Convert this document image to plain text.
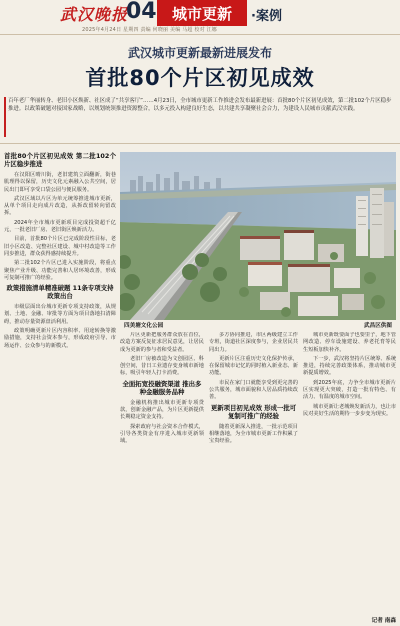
武汉晚报
04	城市更新	·案例
2025年4月24日 星期四 责编 何晓丽 美编 马超 校对 江娜
武汉城市更新最新进展发布
首批80个片区初见成效
百年老厂华丽转身、老旧小区焕新、社区成了“共享客厅”……4月23日，全市城市更新工作推进会发布最新进展：首批80个片区初见成效，第二批102个片区稳步推进。以政策破题对接国家战略，以规划统领推进资源整合，以多元投入构建良好生态，以共建共享凝聚社会合力，为建设人民城市贡献武汉实践。
首批80个片区初见成效 第二批102个片区稳步推进

在汉阳区晴川街，老旧建筑立面翻新，街巷肌理得以保留，历史文化元素融入公共空间，居民出门即可享受口袋公园与便民服务。

武汉区域以片区为单元统筹推进城市更新，从单个项目走向成片改造，从拆改留转向留改拆。

2024年全市城市更新项目完成投资超千亿元，一批老旧厂房、老旧街区焕新活力。

目前，首批80个片区已完成阶段性目标，老旧小区改造、完整社区建设、城中村改造等工作同步推进，群众获得感持续提升。

第二批102个片区已进入实施阶段，将重点聚焦产业升级、功能完善和人居环境改善，形成可复制可推广的经验。

政策措施清单精准破题 11条专项支持政策出台

市级层面出台城市更新专项支持政策，从规划、土地、金融、审批等方面为项目落地扫清障碍，推动存量资源盘活利用。

政策明确更新片区内容积率、用途转换等激励措施，支持社会资本参与，形成政府引导、市场运作、公众参与的新模式。

四美塘文化公园	武昌区供图

片区更新把服务群众放在首位，改造方案反复征求居民意见，让居民成为更新的参与者和受益者。

老旧厂房被改造为文创园区、科创空间，昔日工业遗存变身城市新地标，吸引年轻人打卡消费。

全面拓宽投融资渠道 推出多种金融服务品种

金融机构推出城市更新专项贷款，创新金融产品，为片区更新提供长期稳定资金支持。

探索政府与社会资本合作模式，引导各类资金有序进入城市更新领域。

多方协同推进，市区两级建立工作专班，街道社区深度参与，企业居民共同出力。

更新片区注重历史文化保护传承，在保留城市记忆的同时植入新业态、新功能。

市民在家门口就能享受到更完善的公共服务，城市面貌和人居品质持续改善。

更新项目初见成效 形成一批可复制可推广的经验

随着更新深入推进，一批示范项目相继落地，为全市城市更新工作积累了宝贵经验。

城市更新既要面子也要里子，地下管网改造、停车设施建设、养老托育等民生短板加快补齐。

下一步，武汉将坚持片区统筹、系统推进，持续完善政策体系，推动城市更新提质增效。

到2025年底，力争全市城市更新片区实现更大突破，打造一批有特色、有活力、有温度的城市空间。

城市更新让老城焕发新活力，也让市民对美好生活的期待一步步变为现实。

记者 南森
